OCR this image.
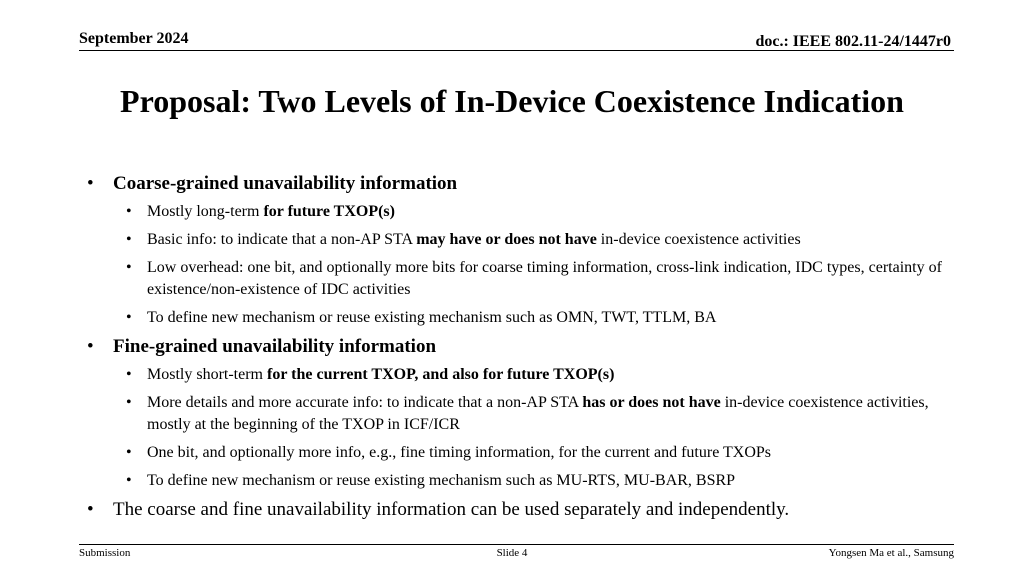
September 2024	doc.: IEEE 802.11-24/1447r0
Proposal: Two Levels of In-Device Coexistence Indication
• Coarse-grained unavailability information
• Mostly long-term for future TXOP(s)
• Basic info: to indicate that a non-AP STA may have or does not have in-device coexistence activities
• Low overhead: one bit, and optionally more bits for coarse timing information, cross-link indication, IDC types, certainty of existence/non-existence of IDC activities
• To define new mechanism or reuse existing mechanism such as OMN, TWT, TTLM, BA
• Fine-grained unavailability information
• Mostly short-term for the current TXOP, and also for future TXOP(s)
• More details and more accurate info: to indicate that a non-AP STA has or does not have in-device coexistence activities, mostly at the beginning of the TXOP in ICF/ICR
• One bit, and optionally more info, e.g., fine timing information, for the current and future TXOPs
• To define new mechanism or reuse existing mechanism such as MU-RTS, MU-BAR, BSRP
• The coarse and fine unavailability information can be used separately and independently.
Submission	Slide 4	Yongsen Ma et al., Samsung
